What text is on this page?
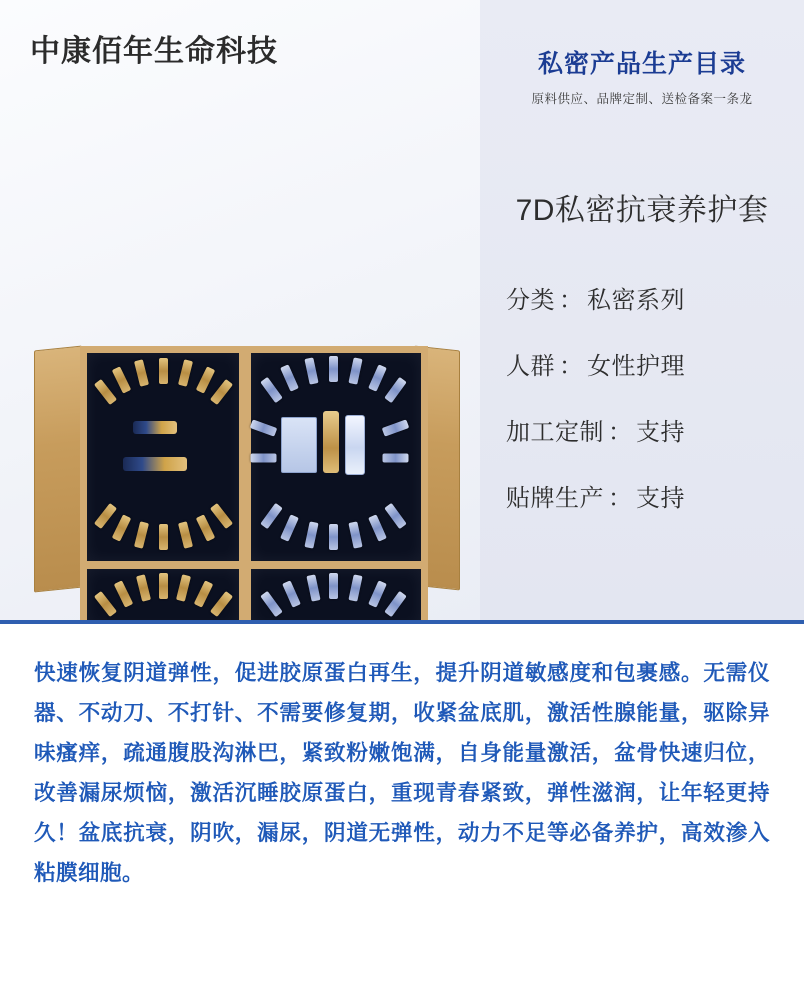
中康佰年生命科技	私密产品生产目录
原料供应、品牌定制、送检备案一条龙
7D私密抗衰养护套
分类 ： 私密系列
人群 ： 女性护理
加工定制 ： 支持
贴牌生产 ： 支持
快速恢复阴道弹性，促进胶原蛋白再生，提升阴道敏感度和包裹感。无需仪器、不动刀、不打针、不需要修复期，收紧盆底肌，激活性腺能量，驱除异味瘙痒，疏通腹股沟淋巴，紧致粉嫩饱满，自身能量激活，盆骨快速归位，改善漏尿烦恼，激活沉睡胶原蛋白，重现青春紧致，弹性滋润，让年轻更持久！盆底抗衰，阴吹，漏尿，阴道无弹性，动力不足等必备养护，高效渗入粘膜细胞。
